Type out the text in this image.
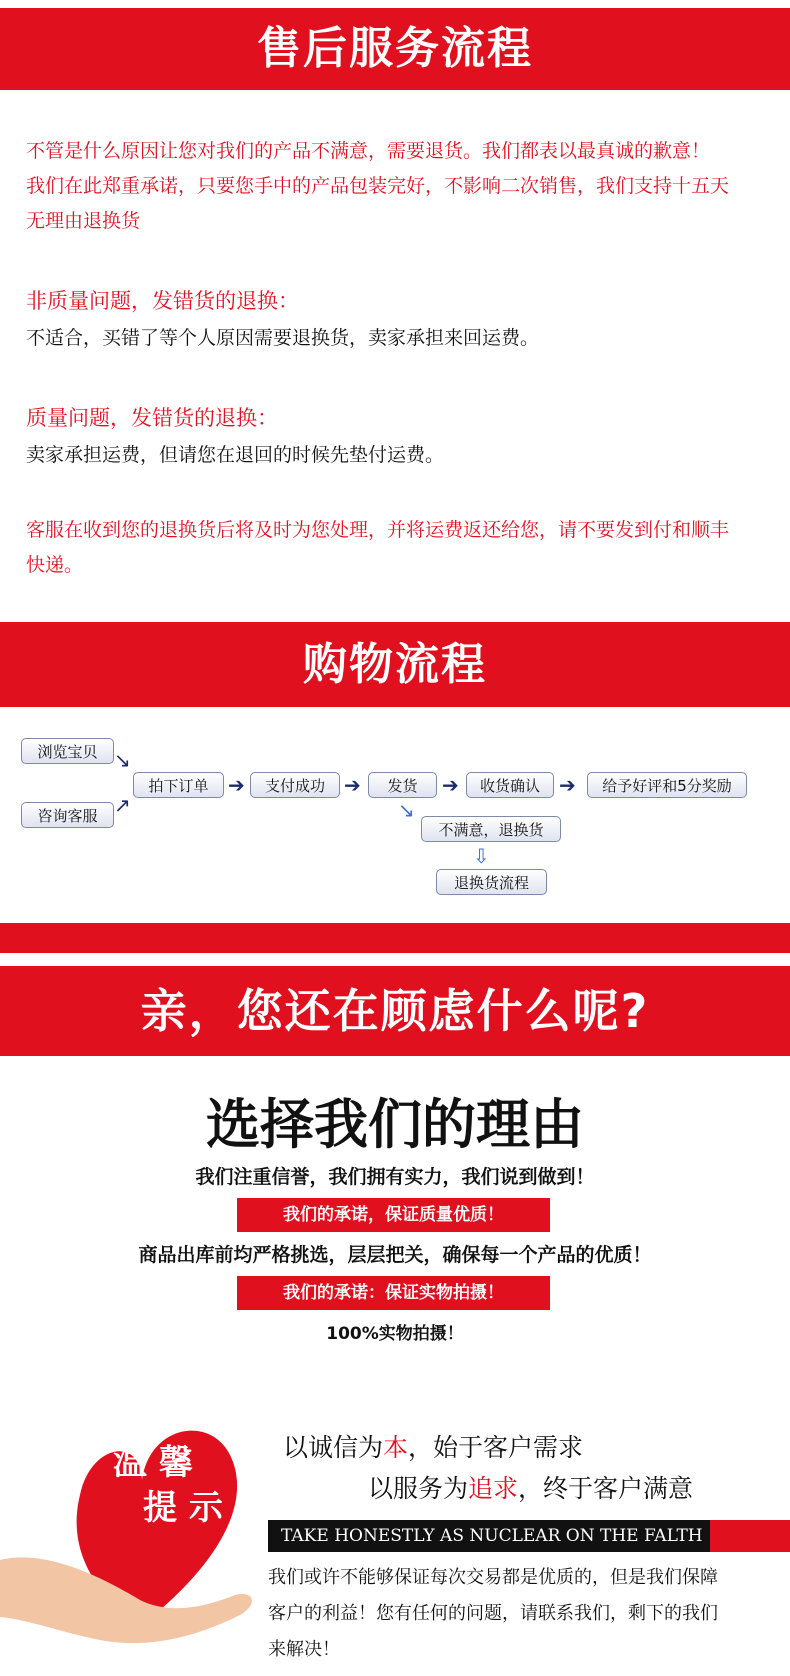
售后服务流程
不管是什么原因让您对我们的产品不满意，需要退货。我们都表以最真诚的歉意！
我们在此郑重承诺，只要您手中的产品包装完好，不影响二次销售，我们支持十五天
无理由退换货
非质量问题，发错货的退换：
不适合，买错了等个人原因需要退换货，卖家承担来回运费。
质量问题，发错货的退换：
卖家承担运费，但请您在退回的时候先垫付运费。
客服在收到您的退换货后将及时为您处理，并将运费返还给您，请不要发到付和顺丰
快递。
购物流程
浏览宝贝
咨询客服
↘
↗
拍下订单 ➔	支付成功 ➔	发货	➔	收货确认 ➔	给予好评和5分奖励
↘
不满意，退换货
⇩
退换货流程
亲，您还在顾虑什么呢?
选择我们的理由
我们注重信誉，我们拥有实力，我们说到做到！
我们的承诺，保证质量优质！
商品出库前均严格挑选，层层把关，确保每一个产品的优质！
我们的承诺：保证实物拍摄！
100%实物拍摄！
温 馨
提 示
以诚信为本，始于客户需求
以服务为追求，终于客户满意
TAKE HONESTLY AS NUCLEAR ON THE FALTH
我们或许不能够保证每次交易都是优质的，但是我们保障
客户的利益！您有任何的问题，请联系我们，剩下的我们
来解决！
